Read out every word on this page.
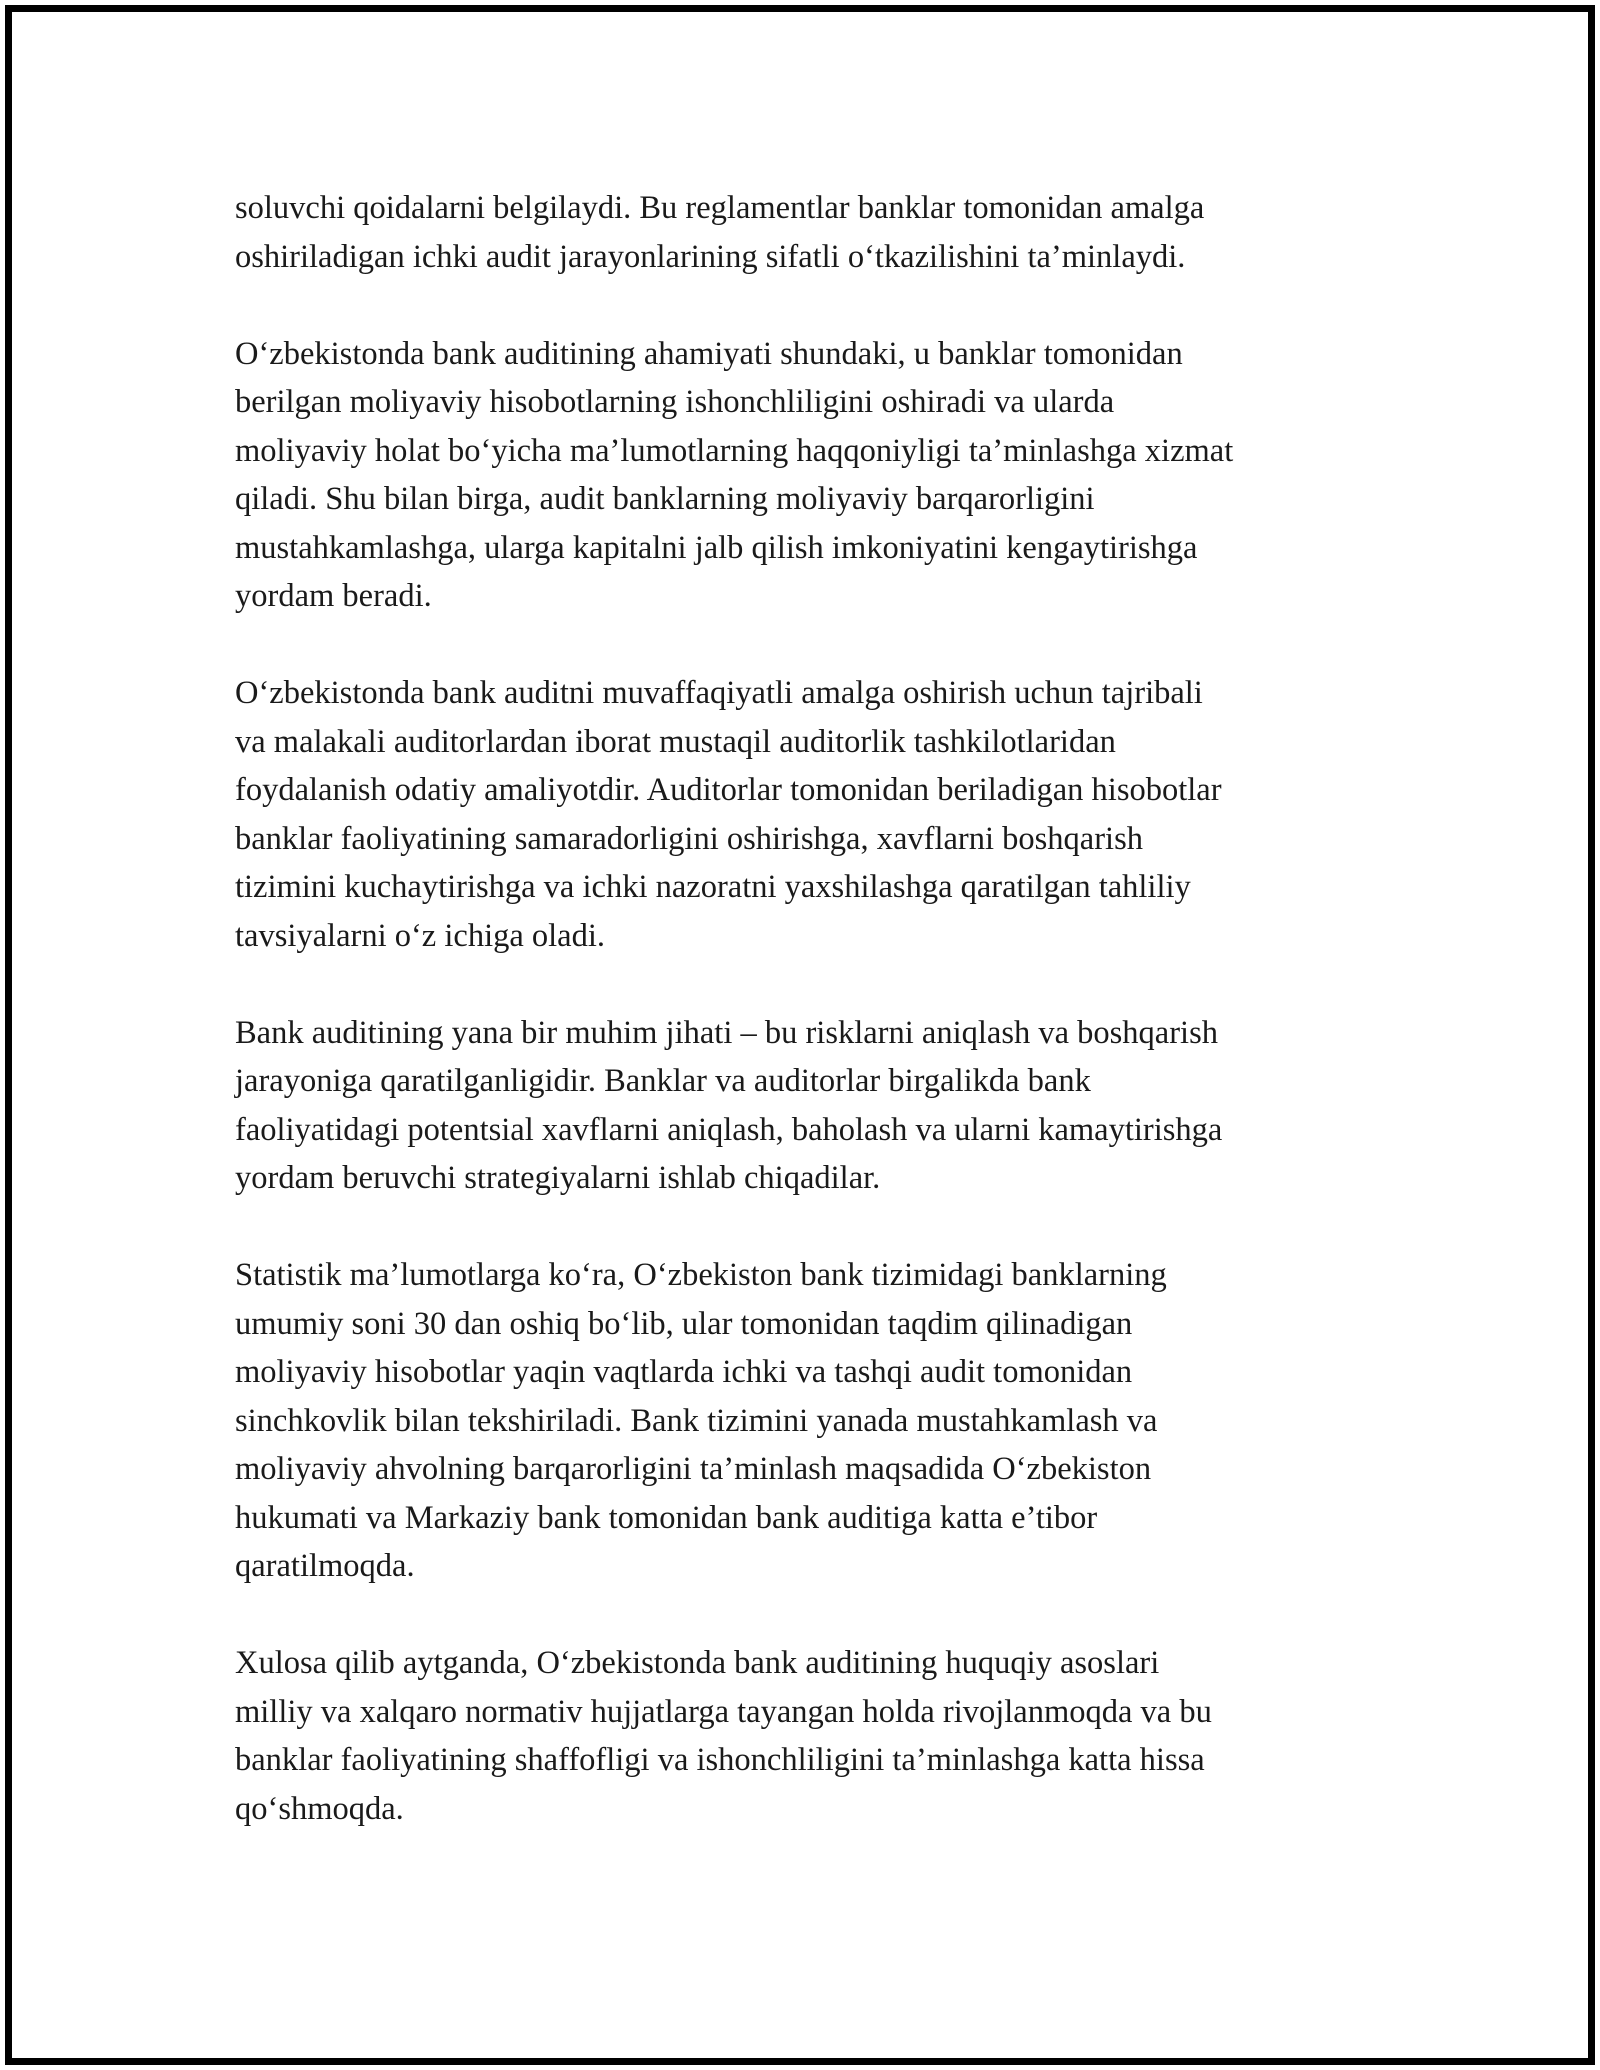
soluvchi qoidalarni belgilaydi. Bu reglamentlar banklar tomonidan amalga
oshiriladigan ichki audit jarayonlarining sifatli o‘tkazilishini ta’minlaydi.

O‘zbekistonda bank auditining ahamiyati shundaki, u banklar tomonidan
berilgan moliyaviy hisobotlarning ishonchliligini oshiradi va ularda
moliyaviy holat bo‘yicha ma’lumotlarning haqqoniyligi ta’minlashga xizmat
qiladi. Shu bilan birga, audit banklarning moliyaviy barqarorligini
mustahkamlashga, ularga kapitalni jalb qilish imkoniyatini kengaytirishga
yordam beradi.

O‘zbekistonda bank auditni muvaffaqiyatli amalga oshirish uchun tajribali
va malakali auditorlardan iborat mustaqil auditorlik tashkilotlaridan
foydalanish odatiy amaliyotdir. Auditorlar tomonidan beriladigan hisobotlar
banklar faoliyatining samaradorligini oshirishga, xavflarni boshqarish
tizimini kuchaytirishga va ichki nazoratni yaxshilashga qaratilgan tahliliy
tavsiyalarni o‘z ichiga oladi.

Bank auditining yana bir muhim jihati – bu risklarni aniqlash va boshqarish
jarayoniga qaratilganligidir. Banklar va auditorlar birgalikda bank
faoliyatidagi potentsial xavflarni aniqlash, baholash va ularni kamaytirishga
yordam beruvchi strategiyalarni ishlab chiqadilar.

Statistik ma’lumotlarga ko‘ra, O‘zbekiston bank tizimidagi banklarning
umumiy soni 30 dan oshiq bo‘lib, ular tomonidan taqdim qilinadigan
moliyaviy hisobotlar yaqin vaqtlarda ichki va tashqi audit tomonidan
sinchkovlik bilan tekshiriladi. Bank tizimini yanada mustahkamlash va
moliyaviy ahvolning barqarorligini ta’minlash maqsadida O‘zbekiston
hukumati va Markaziy bank tomonidan bank auditiga katta e’tibor
qaratilmoqda.

Xulosa qilib aytganda, O‘zbekistonda bank auditining huquqiy asoslari
milliy va xalqaro normativ hujjatlarga tayangan holda rivojlanmoqda va bu
banklar faoliyatining shaffofligi va ishonchliligini ta’minlashga katta hissa
qo‘shmoqda.
